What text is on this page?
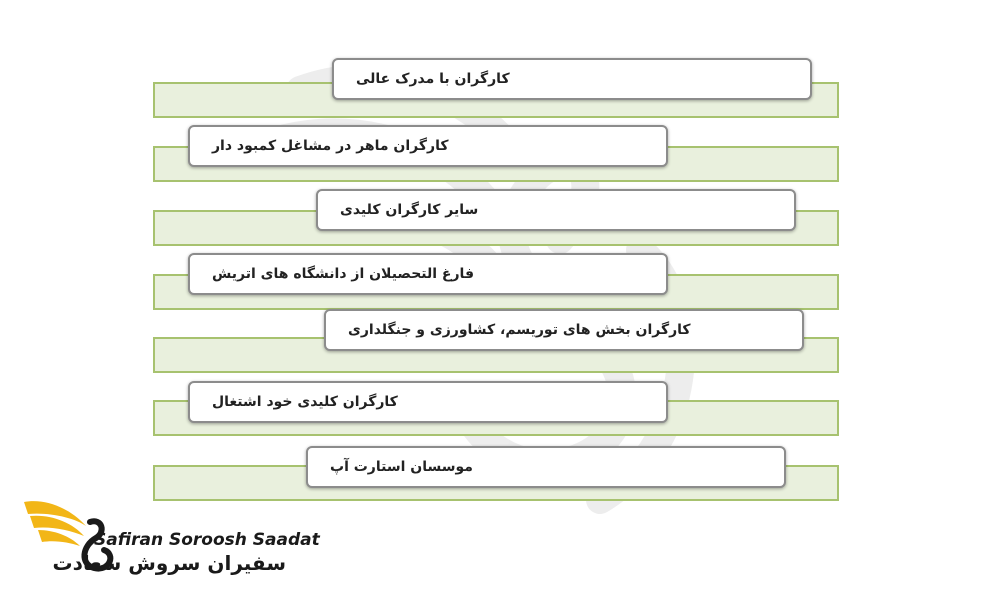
کارگران با مدرک عالی
کارگران ماهر در مشاغل کمبود دار
سایر کارگران کلیدی
فارغ التحصیلان از دانشگاه های اتریش
کارگران بخش های توریسم، کشاورزی و جنگلداری
کارگران کلیدی خود اشتغال
موسسان استارت آپ
Safiran Soroosh Saadat
سفیران سروش سعادت
